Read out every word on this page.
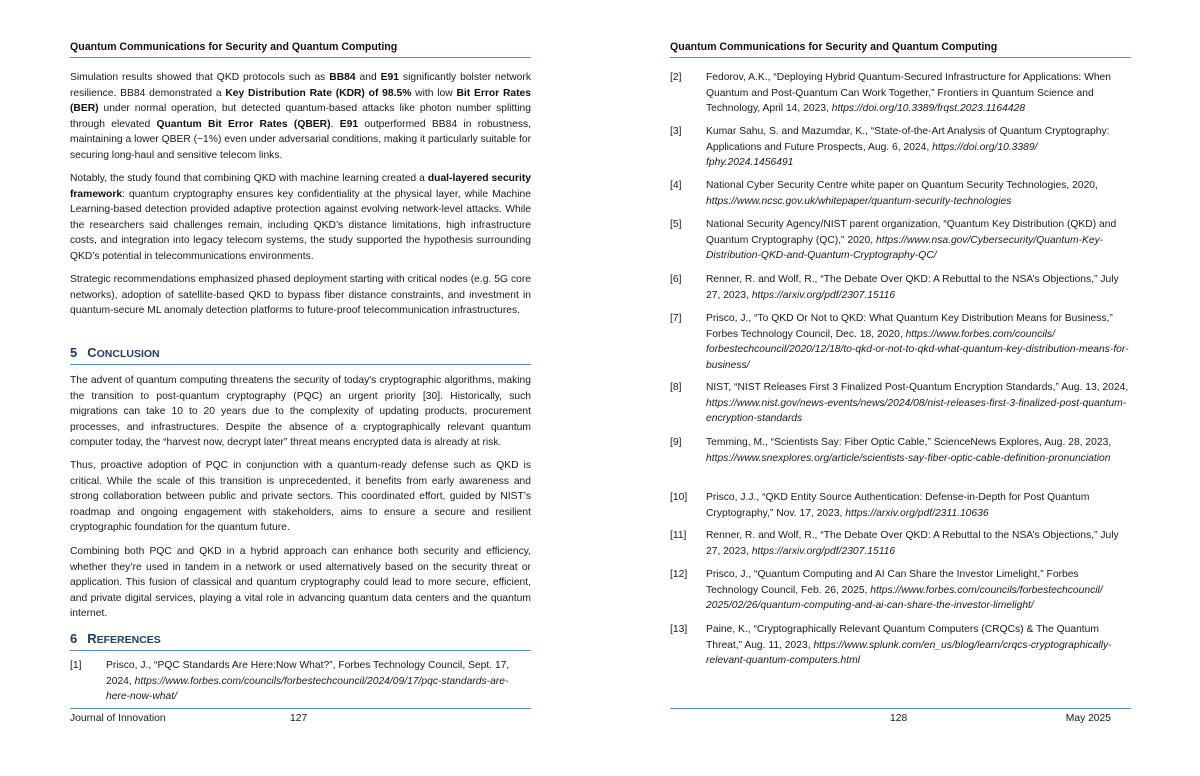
Quantum Communications for Security and Quantum Computing
Simulation results showed that QKD protocols such as BB84 and E91 significantly bolster network resilience. BB84 demonstrated a Key Distribution Rate (KDR) of 98.5% with low Bit Error Rates (BER) under normal operation, but detected quantum-based attacks like photon number splitting through elevated Quantum Bit Error Rates (QBER). E91 outperformed BB84 in robustness, maintaining a lower QBER (~1%) even under adversarial conditions, making it particularly suitable for securing long-haul and sensitive telecom links.
Notably, the study found that combining QKD with machine learning created a dual-layered security framework: quantum cryptography ensures key confidentiality at the physical layer, while Machine Learning-based detection provided adaptive protection against evolving network-level attacks. While the researchers said challenges remain, including QKD’s distance limitations, high infrastructure costs, and integration into legacy telecom systems, the study supported the hypothesis surrounding QKD’s potential in telecommunications environments.
Strategic recommendations emphasized phased deployment starting with critical nodes (e.g. 5G core networks), adoption of satellite-based QKD to bypass fiber distance constraints, and investment in quantum-secure ML anomaly detection platforms to future-proof telecommunication infrastructures.
5 CONCLUSION
The advent of quantum computing threatens the security of today's cryptographic algorithms, making the transition to post-quantum cryptography (PQC) an urgent priority [30]. Historically, such migrations can take 10 to 20 years due to the complexity of updating products, procurement processes, and infrastructures. Despite the absence of a cryptographically relevant quantum computer today, the “harvest now, decrypt later” threat means encrypted data is already at risk.
Thus, proactive adoption of PQC in conjunction with a quantum-ready defense such as QKD is critical. While the scale of this transition is unprecedented, it benefits from early awareness and strong collaboration between public and private sectors. This coordinated effort, guided by NIST’s roadmap and ongoing engagement with stakeholders, aims to ensure a secure and resilient cryptographic foundation for the quantum future.
Combining both PQC and QKD in a hybrid approach can enhance both security and efficiency, whether they’re used in tandem in a network or used alternatively based on the security threat or application. This fusion of classical and quantum cryptography could lead to more secure, efficient, and private digital services, playing a vital role in advancing quantum data centers and the quantum internet.
6 REFERENCES
[1]	Prisco, J., “PQC Standards Are Here:Now What?”, Forbes Technology Council, Sept. 17, 2024, https://www.forbes.com/councils/forbestechcouncil/2024/09/17/pqc-standards-are-here-now-what/
Journal of Innovation	127
Quantum Communications for Security and Quantum Computing
[2]	Fedorov, A.K., “Deploying Hybrid Quantum-Secured Infrastructure for Applications: When Quantum and Post-Quantum Can Work Together,” Frontiers in Quantum Science and Technology, April 14, 2023, https://doi.org/10.3389/frqst.2023.1164428
[3]	Kumar Sahu, S. and Mazumdar, K., “State-of-the-Art Analysis of Quantum Cryptography: Applications and Future Prospects, Aug. 6, 2024, https://doi.org/10.3389/
fphy.2024.1456491
[4]	National Cyber Security Centre white paper on Quantum Security Technologies, 2020, https://www.ncsc.gov.uk/whitepaper/quantum-security-technologies
[5]	National Security Agency/NIST parent organization, “Quantum Key Distribution (QKD) and Quantum Cryptography (QC),” 2020, https://www.nsa.gov/Cybersecurity/Quantum-Key-Distribution-QKD-and-Quantum-Cryptography-QC/
[6]	Renner, R. and Wolf, R., “The Debate Over QKD: A Rebuttal to the NSA’s Objections,” July 27, 2023, https://arxiv.org/pdf/2307.15116
[7]	Prisco, J., “To QKD Or Not to QKD: What Quantum Key Distribution Means for Business,” Forbes Technology Council, Dec. 18, 2020, https://www.forbes.com/councils/
forbestechcouncil/2020/12/18/to-qkd-or-not-to-qkd-what-quantum-key-distribution-means-for-business/
[8]	NIST, “NIST Releases First 3 Finalized Post-Quantum Encryption Standards,” Aug. 13, 2024, https://www.nist.gov/news-events/news/2024/08/nist-releases-first-3-finalized-post-quantum-encryption-standards
[9]	Temming, M., “Scientists Say: Fiber Optic Cable,” ScienceNews Explores, Aug. 28, 2023, https://www.snexplores.org/article/scientists-say-fiber-optic-cable-definition-pronunciation
[10]	Prisco, J.J., “QKD Entity Source Authentication: Defense-in-Depth for Post Quantum Cryptography,” Nov. 17, 2023, https://arxiv.org/pdf/2311.10636
[11]	Renner, R. and Wolf, R., “The Debate Over QKD: A Rebuttal to the NSA’s Objections,” July 27, 2023, https://arxiv.org/pdf/2307.15116
[12]	Prisco, J., “Quantum Computing and AI Can Share the Investor Limelight,” Forbes Technology Council, Feb. 26, 2025, https://www.forbes.com/councils/forbestechcouncil/
2025/02/26/quantum-computing-and-ai-can-share-the-investor-limelight/
[13]	Paine, K., “Cryptographically Relevant Quantum Computers (CRQCs) & The Quantum Threat,” Aug. 11, 2023, https://www.splunk.com/en_us/blog/learn/crqcs-cryptographically-relevant-quantum-computers.html
128	May 2025
